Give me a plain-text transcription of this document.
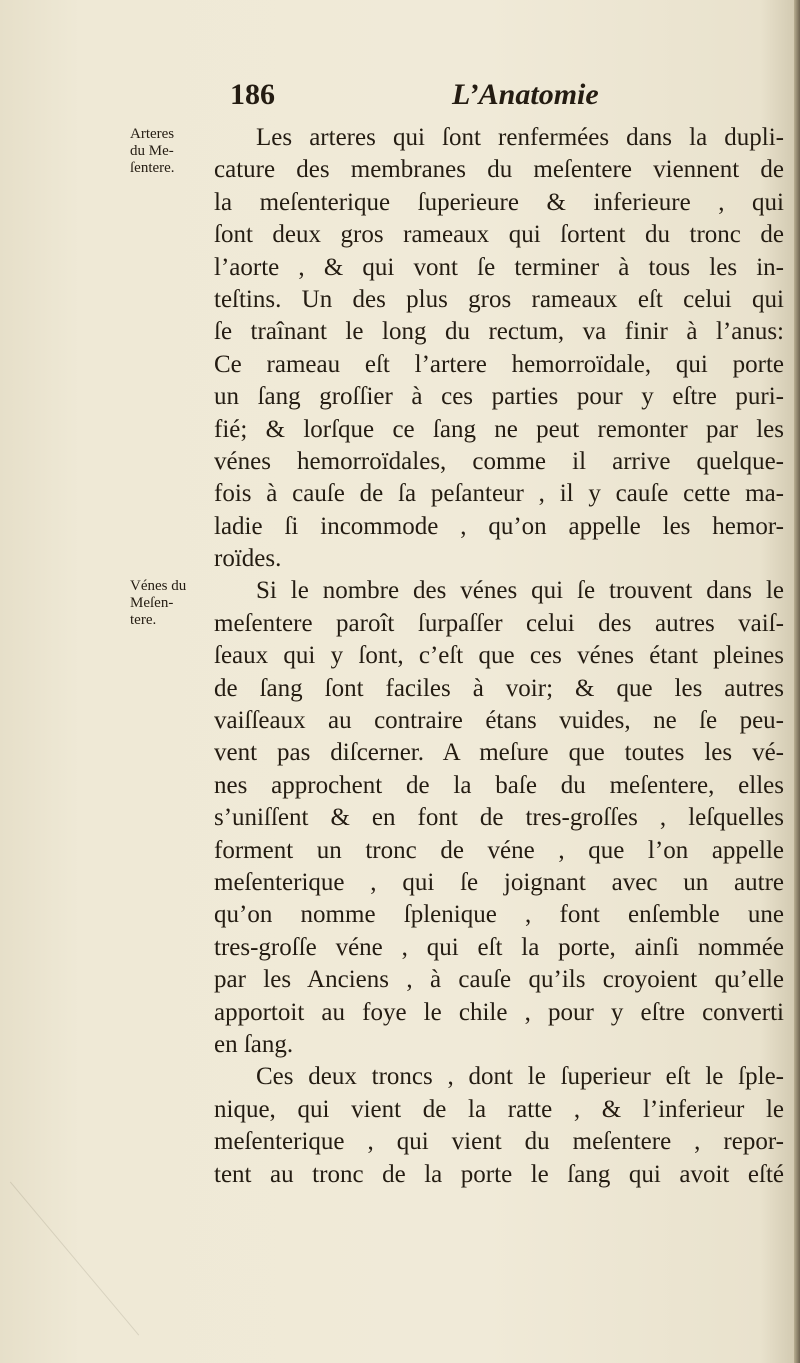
186	L’Anatomie
Arteres
du Me-
ſentere.
Vénes du
Meſen-
tere.
Les arteres qui ſont renfermées dans la dupli-
cature des membranes du meſentere viennent de
la meſenterique ſuperieure & inferieure , qui
ſont deux gros rameaux qui ſortent du tronc de
l’aorte , & qui vont ſe terminer à tous les in-
teſtins. Un des plus gros rameaux eſt celui qui
ſe traînant le long du rectum, va finir à l’anus:
Ce rameau eſt l’artere hemorroïdale, qui porte
un ſang groſſier à ces parties pour y eſtre puri-
fié; & lorſque ce ſang ne peut remonter par les
vénes hemorroïdales, comme il arrive quelque-
fois à cauſe de ſa peſanteur , il y cauſe cette ma-
ladie ſi incommode , qu’on appelle les hemor-
roïdes.
Si le nombre des vénes qui ſe trouvent dans le
meſentere paroît ſurpaſſer celui des autres vaiſ-
ſeaux qui y ſont, c’eſt que ces vénes étant pleines
de ſang ſont faciles à voir; & que les autres
vaiſſeaux au contraire étans vuides, ne ſe peu-
vent pas diſcerner. A meſure que toutes les vé-
nes approchent de la baſe du meſentere, elles
s’uniſſent & en font de tres-groſſes , leſquelles
forment un tronc de véne , que l’on appelle
meſenterique , qui ſe joignant avec un autre
qu’on nomme ſplenique , font enſemble une
tres-groſſe véne , qui eſt la porte, ainſi nommée
par les Anciens , à cauſe qu’ils croyoient qu’elle
apportoit au foye le chile , pour y eſtre converti
en ſang.
Ces deux troncs , dont le ſuperieur eſt le ſple-
nique, qui vient de la ratte , & l’inferieur le
meſenterique , qui vient du meſentere , repor-
tent au tronc de la porte le ſang qui avoit eſté
